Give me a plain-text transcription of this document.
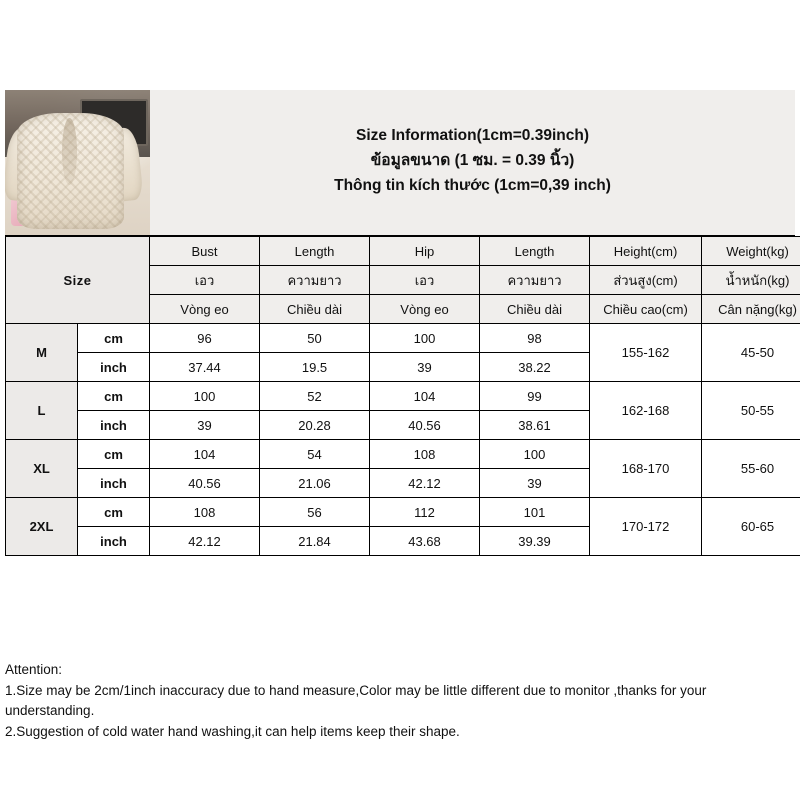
Size Information(1cm=0.39inch)
ข้อมูลขนาด (1 ซม. = 0.39 นิ้ว)
Thông tin kích thước (1cm=0,39 inch)
Size		Bust	Length	Hip	Length	Height(cm)	Weight(kg)
		เอว	ความยาว	เอว	ความยาว	ส่วนสูง(cm)	น้ำหนัก(kg)
		Vòng eo	Chiều dài	Vòng eo	Chiều dài	Chiều cao(cm)	Cân nặng(kg)
M	cm	96	50	100	98	155-162	45-50
	inch	37.44	19.5	39	38.22		
L	cm	100	52	104	99	162-168	50-55
	inch	39	20.28	40.56	38.61		
XL	cm	104	54	108	100	168-170	55-60
	inch	40.56	21.06	42.12	39		
2XL	cm	108	56	112	101	170-172	60-65
	inch	42.12	21.84	43.68	39.39		
Attention:
1.Size may be 2cm/1inch inaccuracy due to hand measure,Color may be little different due to monitor ,thanks for your understanding.
2.Suggestion of cold water hand washing,it can help items keep their shape.
